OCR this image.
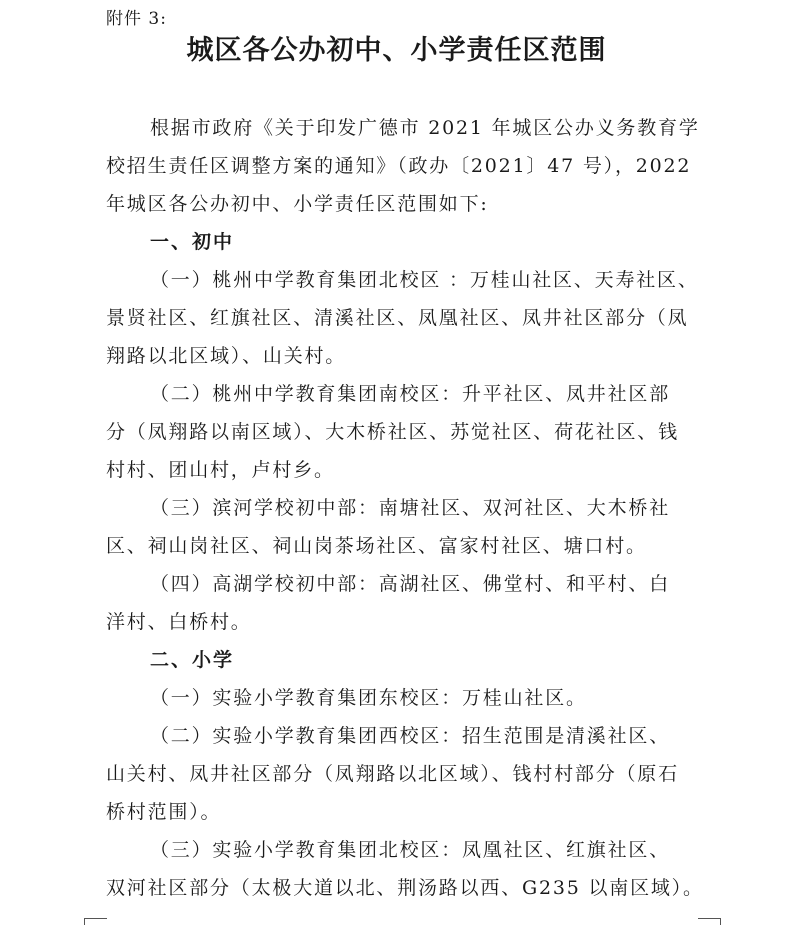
附件 3:
城区各公办初中、小学责任区范围
根据市政府《关于印发广德市 2021 年城区公办义务教育学
校招生责任区调整方案的通知》（政办〔2021〕47 号），2022
年城区各公办初中、小学责任区范围如下:
一、初中
（一）桃州中学教育集团北校区 ：万桂山社区、天寿社区、
景贤社区、红旗社区、清溪社区、凤凰社区、凤井社区部分（凤
翔路以北区域）、山关村。
（二）桃州中学教育集团南校区：升平社区、凤井社区部
分（凤翔路以南区域）、大木桥社区、苏觉社区、荷花社区、钱
村村、团山村，卢村乡。
（三）滨河学校初中部：南塘社区、双河社区、大木桥社
区、祠山岗社区、祠山岗茶场社区、富家村社区、塘口村。
（四）高湖学校初中部：高湖社区、佛堂村、和平村、白
洋村、白桥村。
二、小学
（一）实验小学教育集团东校区：万桂山社区。
（二）实验小学教育集团西校区：招生范围是清溪社区、
山关村、凤井社区部分（凤翔路以北区域）、钱村村部分（原石
桥村范围）。
（三）实验小学教育集团北校区：凤凰社区、红旗社区、
双河社区部分（太极大道以北、荆汤路以西、G235 以南区域）。
